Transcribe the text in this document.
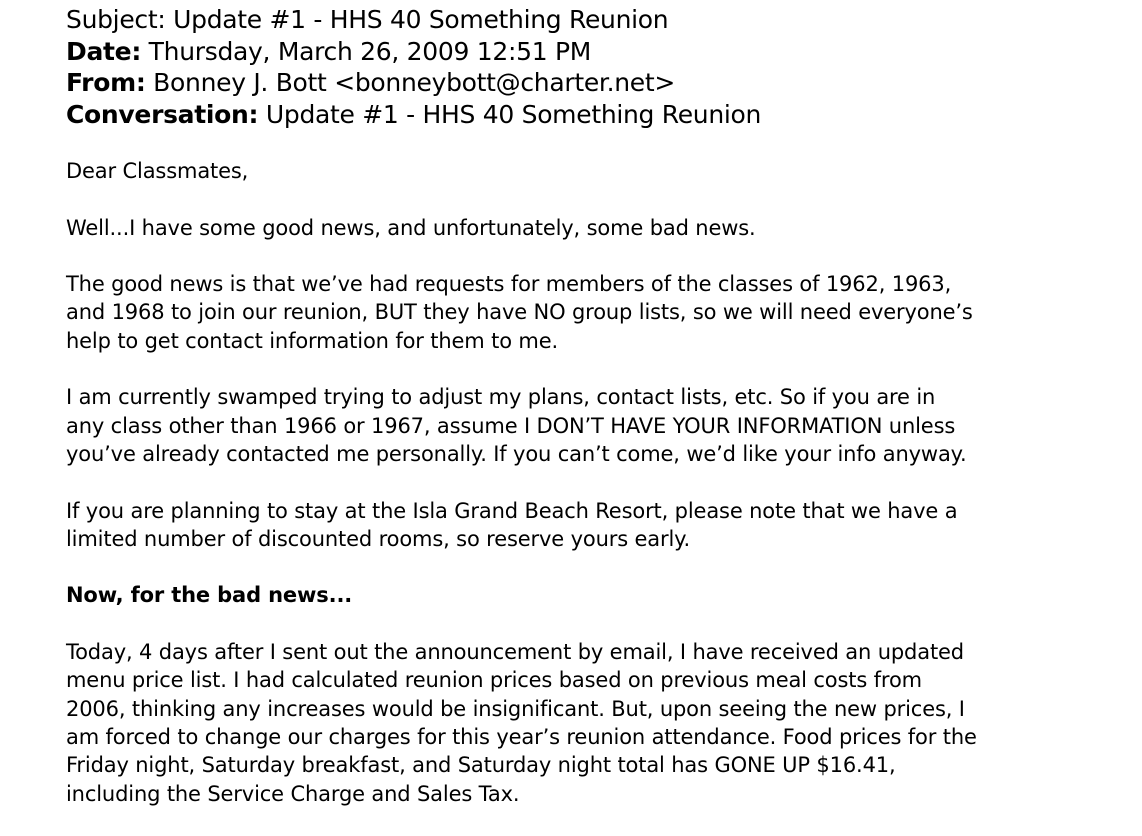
Subject: Update #1 - HHS 40 Something Reunion
Date: Thursday, March 26, 2009 12:51 PM
From: Bonney J. Bott <bonneybott@charter.net>
Conversation: Update #1 - HHS 40 Something Reunion

Dear Classmates,

Well...I have some good news, and unfortunately, some bad news.

The good news is that we’ve had requests for members of the classes of 1962, 1963,
and 1968 to join our reunion, BUT they have NO group lists, so we will need everyone’s
help to get contact information for them to me.

I am currently swamped trying to adjust my plans, contact lists, etc. So if you are in
any class other than 1966 or 1967, assume I DON’T HAVE YOUR INFORMATION unless
you’ve already contacted me personally. If you can’t come, we’d like your info anyway.

If you are planning to stay at the Isla Grand Beach Resort, please note that we have a
limited number of discounted rooms, so reserve yours early.

Now, for the bad news...

Today, 4 days after I sent out the announcement by email, I have received an updated
menu price list. I had calculated reunion prices based on previous meal costs from
2006, thinking any increases would be insignificant. But, upon seeing the new prices, I
am forced to change our charges for this year’s reunion attendance. Food prices for the
Friday night, Saturday breakfast, and Saturday night total has GONE UP $16.41,
including the Service Charge and Sales Tax.
